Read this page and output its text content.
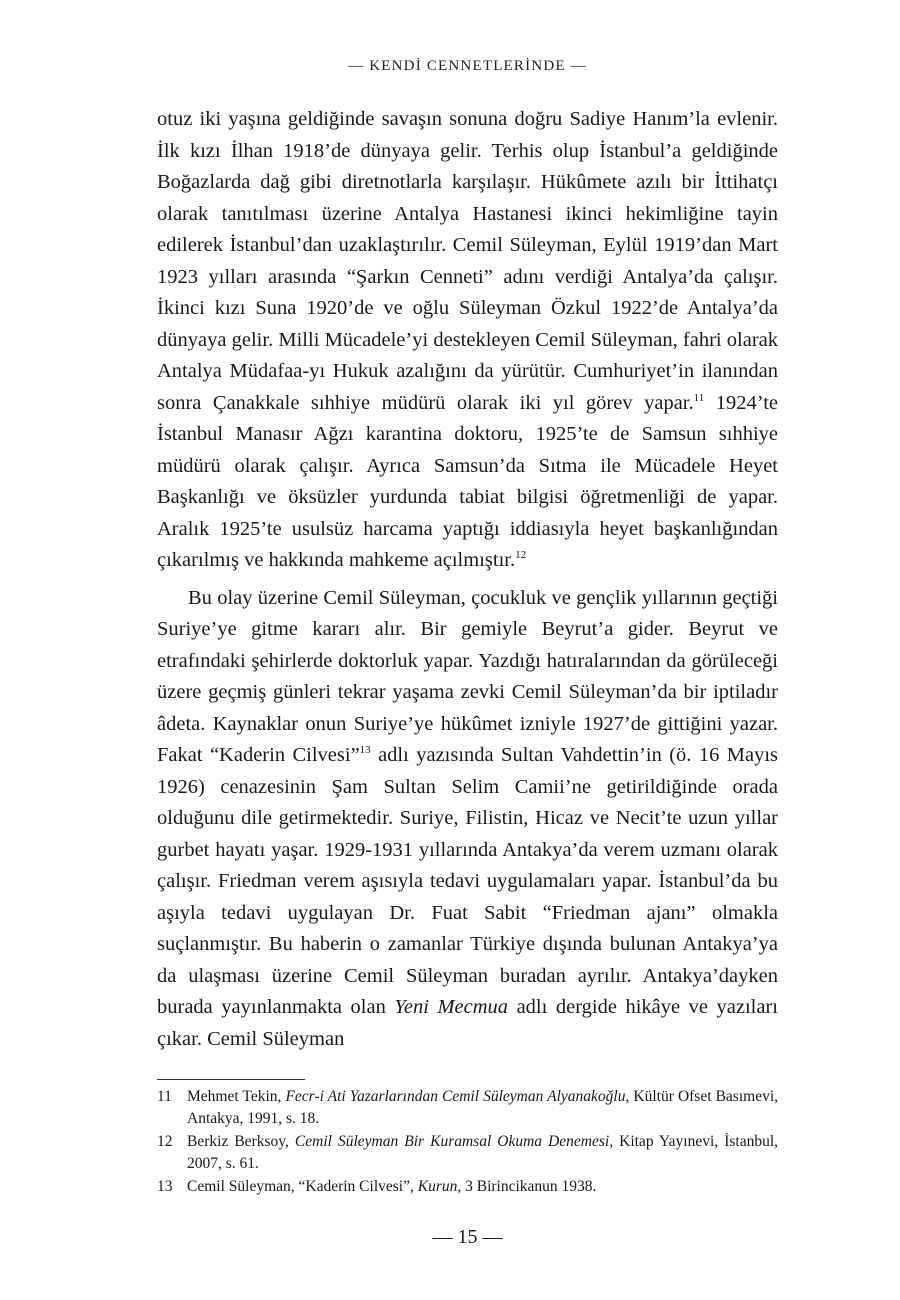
— KENDİ CENNETLERİNDE —

otuz iki yaşına geldiğinde savaşın sonuna doğru Sadiye Hanım’la evlenir. İlk kızı İlhan 1918’de dünyaya gelir. Terhis olup İstanbul’a geldiğinde Boğazlarda dağ gibi diretnotlarla karşılaşır. Hükûmete azılı bir İttihatçı olarak tanıtılması üzerine Antalya Hastanesi ikinci hekimliğine tayin edilerek İstanbul’dan uzaklaştırılır. Cemil Süleyman, Eylül 1919’dan Mart 1923 yılları arasında “Şarkın Cenneti” adını verdiği Antalya’da çalışır. İkinci kızı Suna 1920’de ve oğlu Süleyman Özkul 1922’de Antalya’da dünyaya gelir. Milli Mücadele’yi destekleyen Cemil Süleyman, fahri olarak Antalya Müdafaa-yı Hukuk azalığını da yürütür. Cumhuriyet’in ilanından sonra Çanakkale sıhhiye müdürü olarak iki yıl görev yapar.$^{11}$ 1924’te İstanbul Manasır Ağzı karantina doktoru, 1925’te de Samsun sıhhiye müdürü olarak çalışır. Ayrıca Samsun’da Sıtma ile Mücadele Heyet Başkanlığı ve öksüzler yurdunda tabiat bilgisi öğretmenliği de yapar. Aralık 1925’te usulsüz harcama yaptığı iddiasıyla heyet başkanlığından çıkarılmış ve hakkında mahkeme açılmıştır.$^{12}$

Bu olay üzerine Cemil Süleyman, çocukluk ve gençlik yıllarının geçtiği Suriye’ye gitme kararı alır. Bir gemiyle Beyrut’a gider. Beyrut ve etrafındaki şehirlerde doktorluk yapar. Yazdığı hatıralarından da görüleceği üzere geçmiş günleri tekrar yaşama zevki Cemil Süleyman’da bir iptiladır âdeta. Kaynaklar onun Suriye’ye hükûmet izniyle 1927’de gittiğini yazar. Fakat “Kaderin Cilvesi”$^{13}$ adlı yazısında Sultan Vahdettin’in (ö. 16 Mayıs 1926) cenazesinin Şam Sultan Selim Camii’ne getirildiğinde orada olduğunu dile getirmektedir. Suriye, Filistin, Hicaz ve Necit’te uzun yıllar gurbet hayatı yaşar. 1929-1931 yıllarında Antakya’da verem uzmanı olarak çalışır. Friedman verem aşısıyla tedavi uygulamaları yapar. İstanbul’da bu aşıyla tedavi uygulayan Dr. Fuat Sabit “Friedman ajanı” olmakla suçlanmıştır. Bu haberin o zamanlar Türkiye dışında bulunan Antakya’ya da ulaşması üzerine Cemil Süleyman buradan ayrılır. Antakya’dayken burada yayınlanmakta olan Yeni Mecmua adlı dergide hikâye ve yazıları çıkar. Cemil Süleyman

11 Mehmet Tekin, Fecr-i Ati Yazarlarından Cemil Süleyman Alyanakoğlu, Kültür Ofset Basımevi, Antakya, 1991, s. 18.
12 Berkiz Berksoy, Cemil Süleyman Bir Kuramsal Okuma Denemesi, Kitap Yayınevi, İstanbul, 2007, s. 61.
13 Cemil Süleyman, “Kaderin Cilvesi”, Kurun, 3 Birincikanun 1938.
— 15 —
